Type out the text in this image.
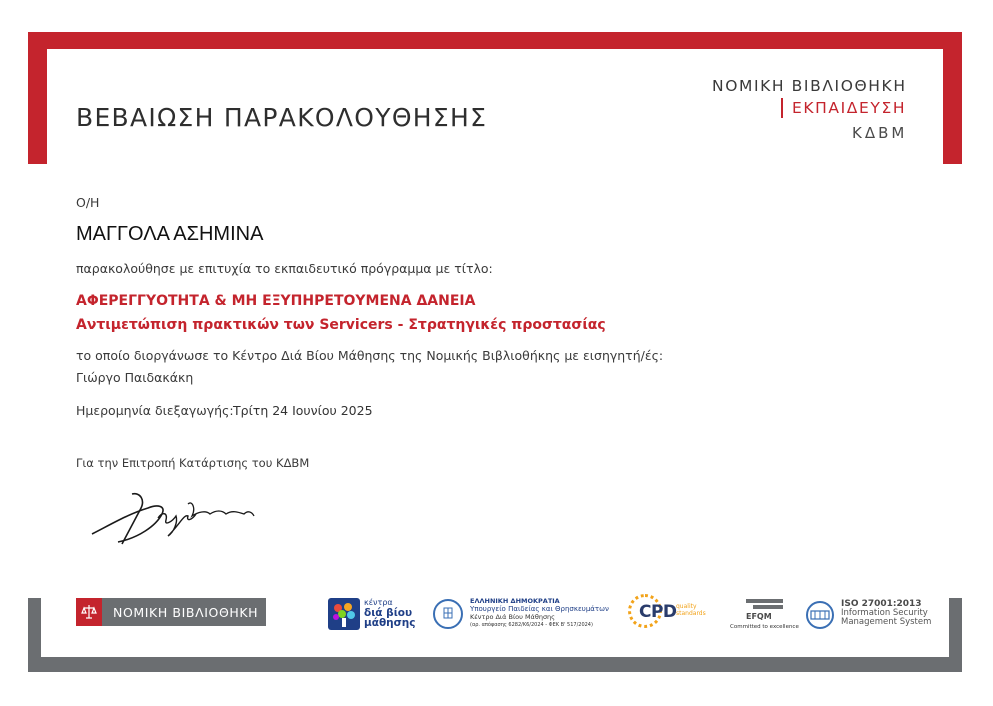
ΒΕΒΑΙΩΣΗ ΠΑΡΑΚΟΛΟΥΘΗΣΗΣ
ΝΟΜΙΚΗ ΒΙΒΛΙΟΘΗΚΗ
ΕΚΠΑΙΔΕΥΣΗ
ΚΔΒΜ
Ο/Η
ΜΑΓΓΟΛΑ ΑΣΗΜΙΝΑ
παρακολούθησε με επιτυχία το εκπαιδευτικό πρόγραμμα με τίτλο:
ΑΦΕΡΕΓΓΥΟΤΗΤΑ & ΜΗ ΕΞΥΠΗΡΕΤΟΥΜΕΝΑ ΔΑΝΕΙΑ
Αντιμετώπιση πρακτικών των Servicers - Στρατηγικές προστασίας
το οποίο διοργάνωσε το Κέντρο Διά Βίου Μάθησης της Νομικής Βιβλιοθήκης με εισηγητή/ές:
Γιώργο Παιδακάκη
Ημερομηνία διεξαγωγής: Τρίτη 24 Ιουνίου 2025
Για την Επιτροπή Κατάρτισης του ΚΔΒΜ
ΝΟΜΙΚΗ ΒΙΒΛΙΟΘΗΚΗ
κέντρα
διά βίου
μάθησης
ΕΛΛΗΝΙΚΗ ΔΗΜΟΚΡΑΤΙΑ
Υπουργείο Παιδείας και Θρησκευμάτων
Κέντρο Διά Βίου Μάθησης
(αρ. απόφασης 6282/Κ6/2024 - ΦΕΚ Β' 517/2024)
CPD quality
standards	EFQM
Committed to excellence
ISO 27001:2013
Information Security
Management System
